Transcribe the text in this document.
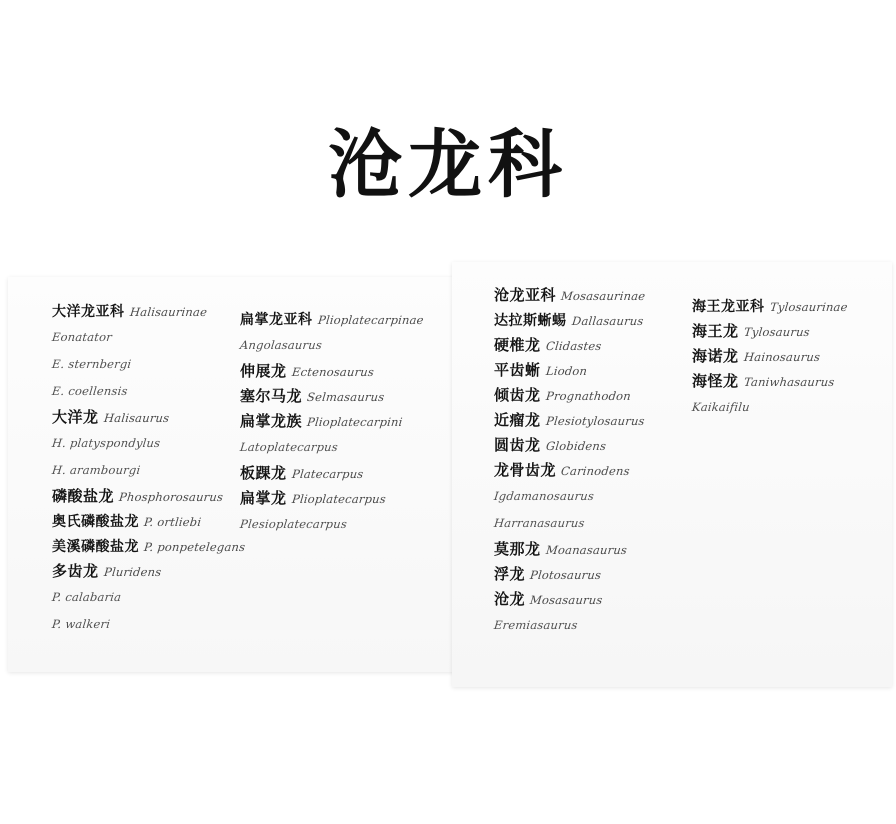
沧龙科
大洋龙亚科 Halisaurinae
Eonatator
E. sternbergi
E. coellensis
大洋龙 Halisaurus
H. platyspondylus
H. arambourgi
磷酸盐龙 Phosphorosaurus
奥氏磷酸盐龙 P. ortliebi
美溪磷酸盐龙 P. ponpetelegans
多齿龙 Pluridens
P. calabaria
P. walkeri
扁掌龙亚科 Plioplatecarpinae
Angolasaurus
伸展龙 Ectenosaurus
塞尔马龙 Selmasaurus
扁掌龙族 Plioplatecarpini
Latoplatecarpus
板踝龙 Platecarpus
扁掌龙 Plioplatecarpus
Plesioplatecarpus
沧龙亚科 Mosasaurinae
达拉斯蜥蜴 Dallasaurus
硬椎龙 Clidastes
平齿蜥 Liodon
倾齿龙 Prognathodon
近瘤龙 Plesiotylosaurus
圆齿龙 Globidens
龙骨齿龙 Carinodens
Igdamanosaurus
Harranasaurus
莫那龙 Moanasaurus
浮龙 Plotosaurus
沧龙 Mosasaurus
Eremiasaurus
海王龙亚科 Tylosaurinae
海王龙 Tylosaurus
海诺龙 Hainosaurus
海怪龙 Taniwhasaurus
Kaikaifilu
